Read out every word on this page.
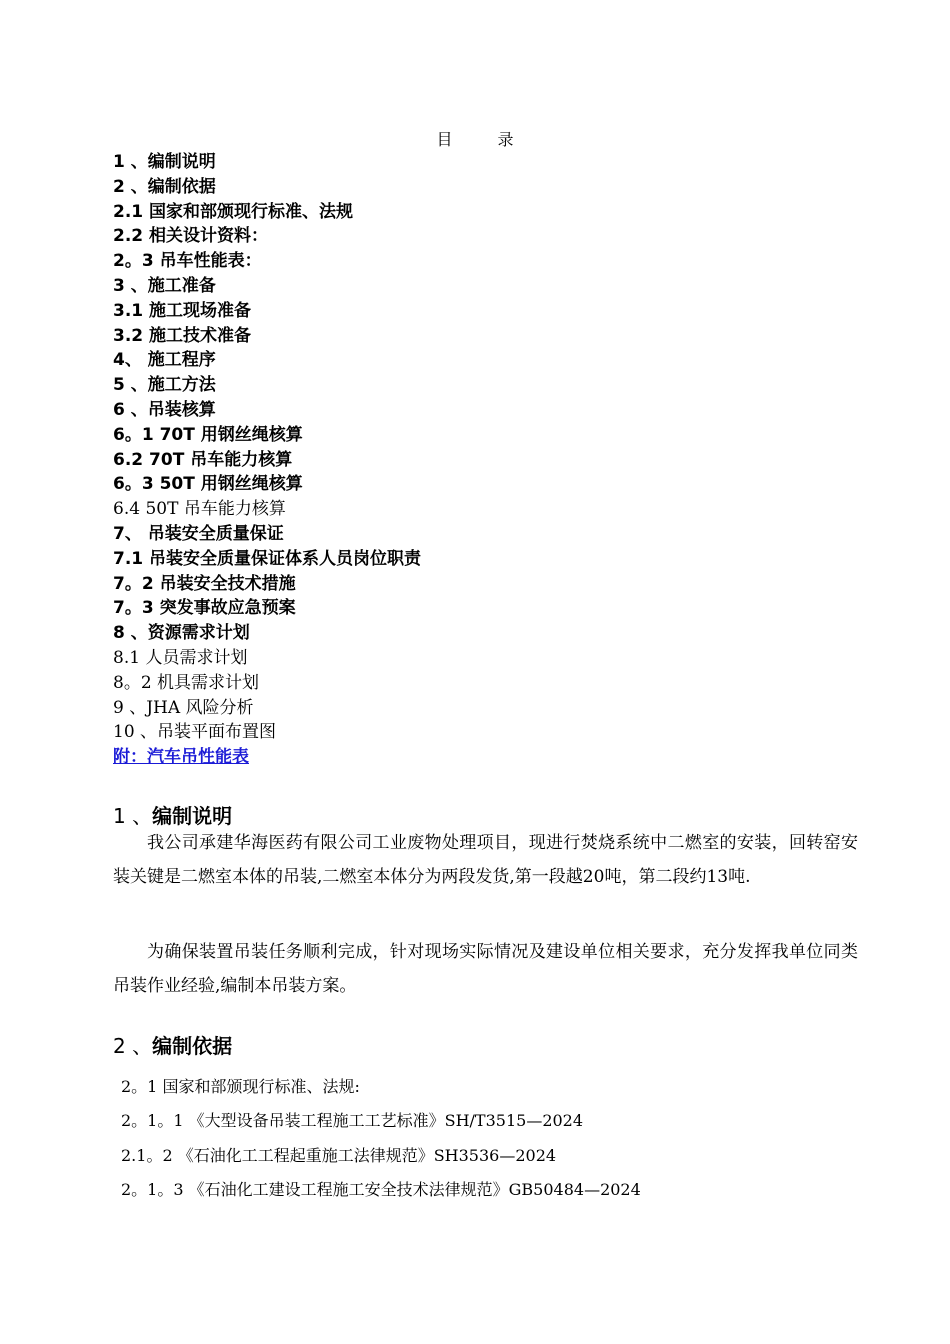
目 录
1 、编制说明
2 、编制依据
2.1 国家和部颁现行标准、法规
2.2 相关设计资料：
2。3 吊车性能表：
3 、施工准备
3.1 施工现场准备
3.2 施工技术准备
4、 施工程序
5 、施工方法
6 、吊装核算
6。1 70T 用钢丝绳核算
6.2 70T 吊车能力核算
6。3 50T 用钢丝绳核算
6.4 50T 吊车能力核算
7、 吊装安全质量保证
7.1 吊装安全质量保证体系人员岗位职责
7。2 吊装安全技术措施
7。3 突发事故应急预案
8 、资源需求计划
8.1 人员需求计划
8。2 机具需求计划
9 、JHA 风险分析
10 、吊装平面布置图
附：汽车吊性能表
1 、编制说明
我公司承建华海医药有限公司工业废物处理项目，现进行焚烧系统中二燃室的安装，回转窑安装关键是二燃室本体的吊装,二燃室本体分为两段发货,第一段越20吨，第二段约13吨.
为确保装置吊装任务顺利完成，针对现场实际情况及建设单位相关要求，充分发挥我单位同类吊装作业经验,编制本吊装方案。
2 、编制依据
2。1 国家和部颁现行标准、法规:
2。1。1 《大型设备吊装工程施工工艺标准》SH/T3515—2024
2.1。2 《石油化工工程起重施工法律规范》SH3536—2024
2。1。3 《石油化工建设工程施工安全技术法律规范》GB50484—2024
